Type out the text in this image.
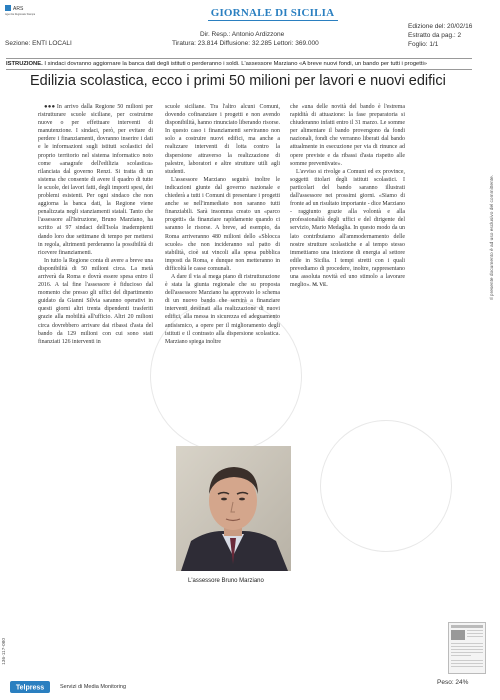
ARS
Agenzia Regionale Stampa
Sezione: ENTI LOCALI
GIORNALE DI SICILIA
Dir. Resp.: Antonio Ardizzone
Tiratura: 23.814 Diffusione: 32.285 Lettori: 369.000
Edizione del: 20/02/16
Estratto da pag.: 2
Foglio: 1/1
ISTRUZIONE. I sindaci dovranno aggiornare la banca dati degli istituti o perderanno i soldi. L'assessore Marziano «A breve nuovi fondi, un bando per tutti i progetti»
Edilizia scolastica, ecco i primi 50 milioni per lavori e nuovi edifici

●●● In arrivo dalla Regione 50 milioni per ristrutturare scuole siciliane, per costruirne nuove o per effettuare interventi di manutenzione. I sindaci, però, per evitare di perdere i finanziamenti, dovranno inserire i dati e le informazioni sugli istituti scolastici del proprio territorio nel sistema informatico noto come «anagrafe dell'edilizia scolastica» rilanciata dal governo Renzi. Si tratta di un sistema che consente di avere il quadro di tutte le scuole, dei lavori fatti, degli importi spesi, dei problemi esistenti. Per ogni sindaco che non aggiorna la banca dati, la Regione viene penalizzata negli stanziamenti statali. Tanto che l'assessore all'Istruzione, Bruno Marziano, ha scritto ai 97 sindaci dell'Isola inadempienti dando loro due settimane di tempo per mettersi in regola, altrimenti perderanno la possibilità di ricevere finanziamenti.

In tutto la Regione conta di avere a breve una disponibilità di 50 milioni circa. La metà arriverà da Roma e dovrà essere spesa entro il 2016. A tal fine l'assessore è fiducioso dal momento che presso gli uffici del dipartimento guidato da Gianni Silvia saranno operativi in questi giorni altri trenta dipendenti trasferiti grazie alla mobilità all'ufficio. Altri 20 milioni circa dovrebbero arrivare dai ribassi d'asta del bando da 129 milioni con cui sono stati finanziati 126 interventi in

scuole siciliane. Tra l'altro alcuni Comuni, dovendo cofinanziare i progetti e non avendo disponibilità, hanno rinunciato liberando risorse. In questo caso i finanziamenti serviranno non solo a costruire nuovi edifici, ma anche a realizzare interventi di lotta contro la dispersione attraverso la realizzazione di palestre, laboratori e altre strutture utili agli studenti.

L'assessore Marziano seguirà inoltre le indicazioni giunte dal governo nazionale e chiederà a tutti i Comuni di presentare i progetti anche se nell'immediato non saranno tutti finanziabili. Sarà insomma creato un «parco progetti» da finanziare rapidamente quando ci saranno le risorse. A breve, ad esempio, da Roma arriveranno 480 milioni dello «Sblocca scuole» che non incideranno sul patto di stabilità, cioè sui vincoli alla spesa pubblica imposti da Roma, e dunque non metteranno in difficoltà le casse comunali.

A dare il via al mega piano di ristrutturazione è stata la giunta regionale che su proposta dell'assessore Marziano ha approvato lo schema di un nuovo bando che servirà a finanziare interventi destinati alla realizzazione di nuovi edifici, alla messa in sicurezza ed adeguamento antisismico, a opere per il miglioramento degli istituti e il contrasto alla dispersione scolastica. Marziano spiega inoltre

che «una delle novità del bando è l'estrema rapidità di attuazione: la fase preparatoria si chiuderanno infatti entro il 31 marzo. Le somme per alimentare il bando provengono da fondi nazionali, fondi che verranno liberati dal bando attualmente in esecuzione per via di rinunce ad opere previste e da ribassi d'asta rispetto alle somme preventivate».

L'avviso si rivolge a Comuni ed ex province, soggetti titolari degli istituti scolastici. I particolari del bando saranno illustrati dall'assessore nei prossimi giorni. «Siamo di fronte ad un risultato importante - dice Marziano - raggiunto grazie alla volontà e alla professionalità degli uffici e del dirigente del servizio, Mario Medaglia. In questo modo da un lato contribuiamo all'ammodernamento delle nostre strutture scolastiche e al tempo stesso immettiamo una iniezione di energia al settore edile in Sicilia. I tempi stretti con i quali prevediamo di procedere, inoltre, rappresentano una assoluta novità ed uno stimolo a lavorare meglio». M. VE.

L'assessore Bruno Marziano
Il presente documento è ad uso esclusivo del committente.
Peso: 24%
136-117-080
Telpress	Servizi di Media Monitoring
